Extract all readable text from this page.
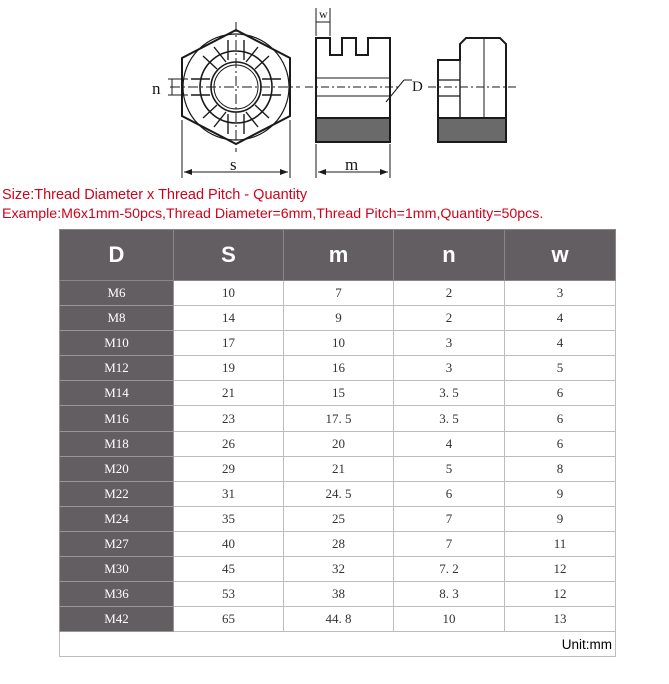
w
n	D
s	m
Size:Thread Diameter x Thread Pitch - Quantity
Example:M6x1mm-50pcs,Thread Diameter=6mm,Thread Pitch=1mm,Quantity=50pcs.
D	S	m	n	w
M6	10	7	2	3
M8	14	9	2	4
M10	17	10	3	4
M12	19	16	3	5
M14	21	15	3. 5	6
M16	23	17. 5	3. 5	6
M18	26	20	4	6
M20	29	21	5	8
M22	31	24. 5	6	9
M24	35	25	7	9
M27	40	28	7	11
M30	45	32	7. 2	12
M36	53	38	8. 3	12
M42	65	44. 8	10	13
Unit:mm				
